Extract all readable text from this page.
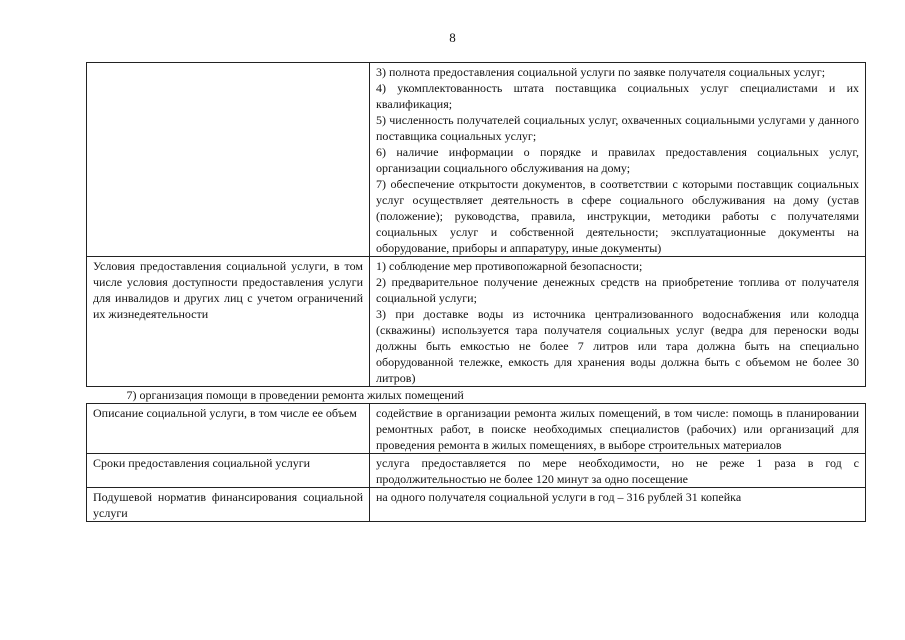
8

	3) полнота предоставления социальной услуги по заявке получателя социальных услуг;

4) укомплектованность штата поставщика социальных услуг специалистами и их квалификация;

5) численность получателей социальных услуг, охваченных социальными услугами у данного поставщика социальных услуг;

6) наличие информации о порядке и правилах предоставления социальных услуг, организации социального обслуживания на дому;

7) обеспечение открытости документов, в соответствии с которыми поставщик социальных услуг осуществляет деятельность в сфере социального обслуживания на дому (устав (положение); руководства, правила, инструкции, методики работы с получателями социальных услуг и собственной деятельности; эксплуатационные документы на оборудование, приборы и аппаратуру, иные документы)

Условия предоставления социальной услуги, в том числе условия доступности предоставления услуги для инвалидов и других лиц с учетом ограничений их жизнедеятельности	1) соблюдение мер противопожарной безопасности;

2) предварительное получение денежных средств на приобретение топлива от получателя социальной услуги;

3) при доставке воды из источника централизованного водоснабжения или колодца (скважины) используется тара получателя социальных услуг (ведра для переноски воды должны быть емкостью не более 7 литров или тара должна быть на специально оборудованной тележке, емкость для хранения воды должна быть с объемом не более 30 литров)

7) организация помощи в проведении ремонта жилых помещений	
Описание социальной услуги, в том числе ее объем	содействие в организации ремонта жилых помещений, в том числе: помощь в планировании ремонтных работ, в поиске необходимых специалистов (рабочих) или организаций для проведения ремонта в жилых помещениях, в выборе строительных материалов
Сроки предоставления социальной услуги	услуга предоставляется по мере необходимости, но не реже 1 раза в год с продолжительностью не более 120 минут за одно посещение
Подушевой норматив финансирования социальной услуги	на одного получателя социальной услуги в год – 316 рублей 31 копейка
